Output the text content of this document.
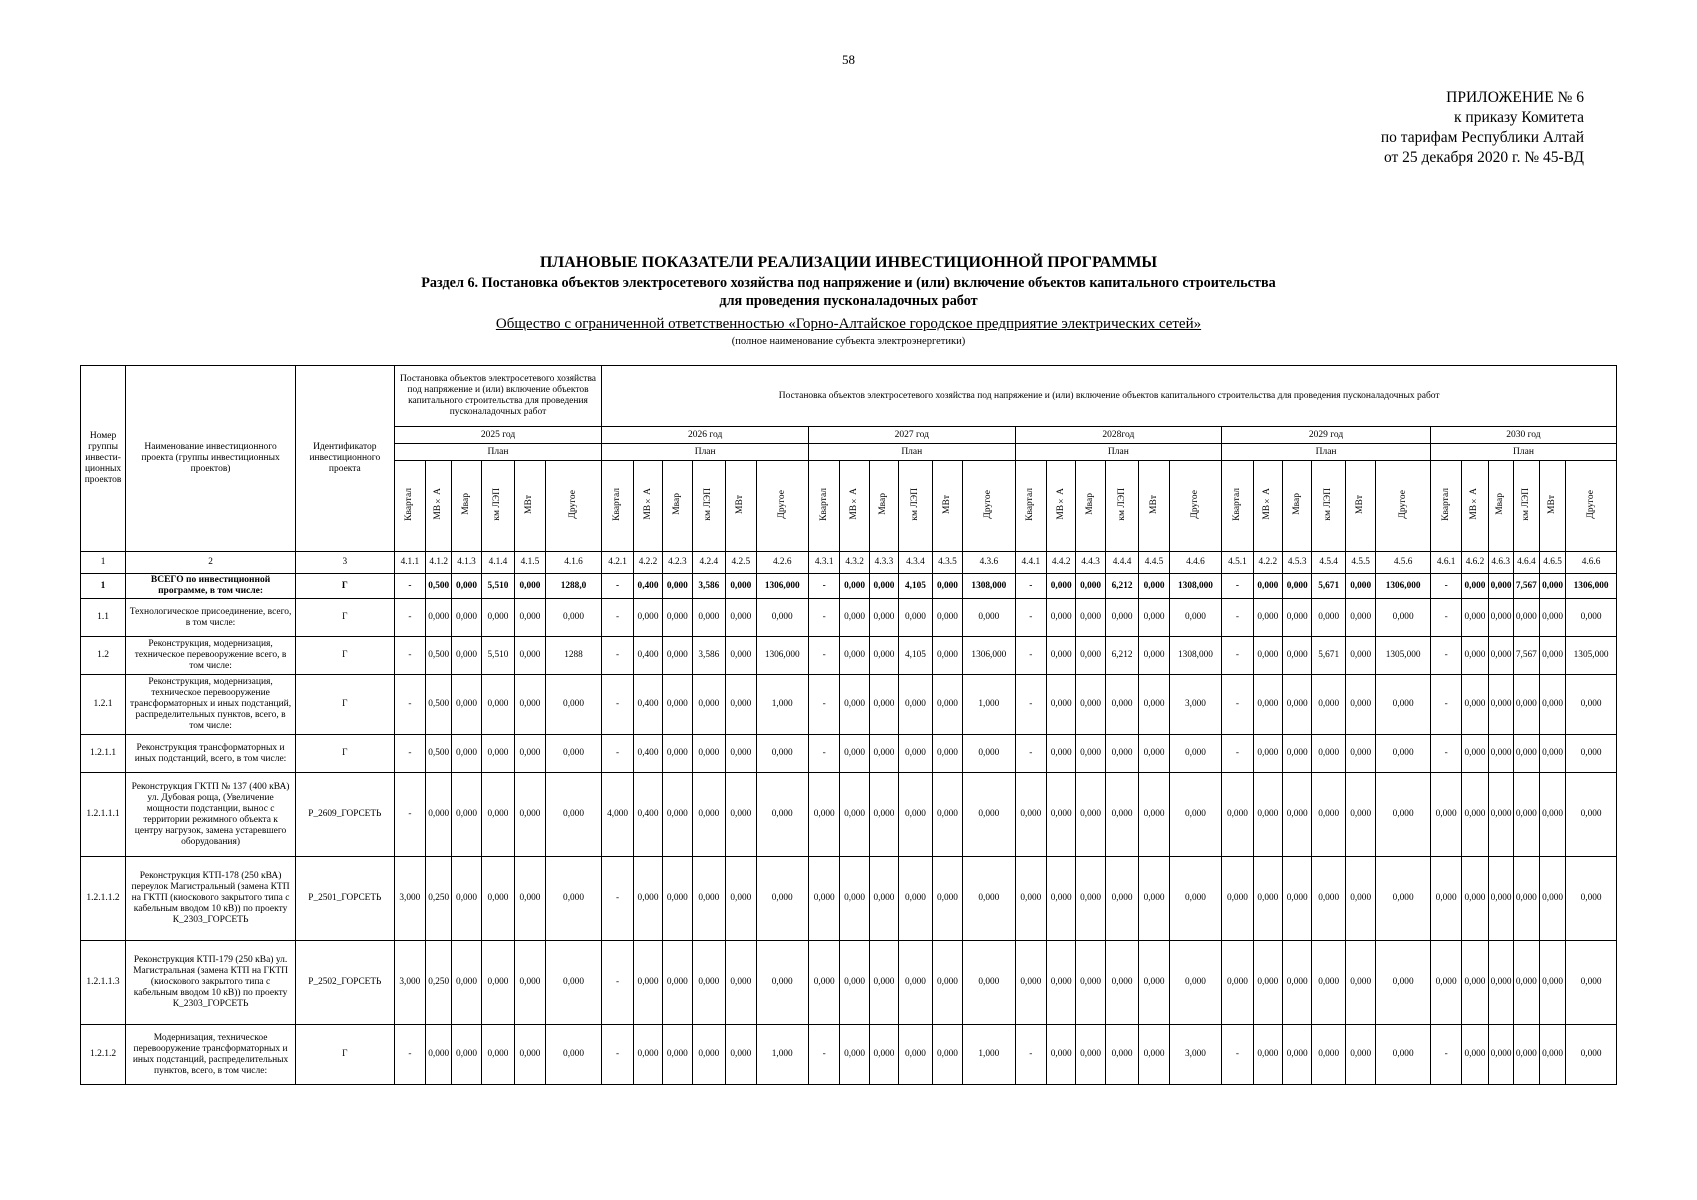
58
ПРИЛОЖЕНИЕ № 6
к приказу Комитета
по тарифам Республики Алтай
от 25 декабря 2020 г. № 45-ВД
ПЛАНОВЫЕ ПОКАЗАТЕЛИ РЕАЛИЗАЦИИ ИНВЕСТИЦИОННОЙ ПРОГРАММЫ
Раздел 6. Постановка объектов электросетевого хозяйства под напряжение и (или) включение объектов капитального строительства
для проведения пусконаладочных работ
Общество с ограниченной ответственностью «Горно-Алтайское городское предприятие электрических сетей»
(полное наименование субъекта электроэнергетики)
Номер группы инвести-ционных проектов	Наименование инвестиционного проекта (группы инвестиционных проектов)	Идентификатор инвестиционного проекта	Постановка объектов электросетевого хозяйства под напряжение и (или) включение объектов капитального строительства для проведения пусконаладочных работ						Постановка объектов электросетевого хозяйства под напряжение и (или) включение объектов капитального строительства для проведения пусконаладочных работ																													
			2025 год						2026 год						2027 год						2028год						2029 год						2030 год					
			План						План						План						План						План						План					
			Квартал	МВ×А	Мвар	км ЛЭП	МВт	Другое	Квартал	МВ×А	Мвар	км ЛЭП	МВт	Другое	Квартал	МВ×А	Мвар	км ЛЭП	МВт	Другое	Квартал	МВ×А	Мвар	км ЛЭП	МВт	Другое	Квартал	МВ×А	Мвар	км ЛЭП	МВт	Другое	Квартал	МВ×А	Мвар	км ЛЭП	МВт	Другое
1	2	3	4.1.1	4.1.2	4.1.3	4.1.4	4.1.5	4.1.6	4.2.1	4.2.2	4.2.3	4.2.4	4.2.5	4.2.6	4.3.1	4.3.2	4.3.3	4.3.4	4.3.5	4.3.6	4.4.1	4.4.2	4.4.3	4.4.4	4.4.5	4.4.6	4.5.1	4.2.2	4.5.3	4.5.4	4.5.5	4.5.6	4.6.1	4.6.2	4.6.3	4.6.4	4.6.5	4.6.6
1	ВСЕГО по инвестиционной программе, в том числе:	Г	-	0,500	0,000	5,510	0,000	1288,0	-	0,400	0,000	3,586	0,000	1306,000	-	0,000	0,000	4,105	0,000	1308,000	-	0,000	0,000	6,212	0,000	1308,000	-	0,000	0,000	5,671	0,000	1306,000	-	0,000	0,000	7,567	0,000	1306,000
1.1	Технологическое присоединение, всего, в том числе:	Г	-	0,000	0,000	0,000	0,000	0,000	-	0,000	0,000	0,000	0,000	0,000	-	0,000	0,000	0,000	0,000	0,000	-	0,000	0,000	0,000	0,000	0,000	-	0,000	0,000	0,000	0,000	0,000	-	0,000	0,000	0,000	0,000	0,000
1.2	Реконструкция, модернизация, техническое перевооружение всего, в том числе:	Г	-	0,500	0,000	5,510	0,000	1288	-	0,400	0,000	3,586	0,000	1306,000	-	0,000	0,000	4,105	0,000	1306,000	-	0,000	0,000	6,212	0,000	1308,000	-	0,000	0,000	5,671	0,000	1305,000	-	0,000	0,000	7,567	0,000	1305,000
1.2.1	Реконструкция, модернизация, техническое перевооружение трансформаторных и иных подстанций, распределительных пунктов, всего, в том числе:	Г	-	0,500	0,000	0,000	0,000	0,000	-	0,400	0,000	0,000	0,000	1,000	-	0,000	0,000	0,000	0,000	1,000	-	0,000	0,000	0,000	0,000	3,000	-	0,000	0,000	0,000	0,000	0,000	-	0,000	0,000	0,000	0,000	0,000
1.2.1.1	Реконструкция трансформаторных и иных подстанций, всего, в том числе:	Г	-	0,500	0,000	0,000	0,000	0,000	-	0,400	0,000	0,000	0,000	0,000	-	0,000	0,000	0,000	0,000	0,000	-	0,000	0,000	0,000	0,000	0,000	-	0,000	0,000	0,000	0,000	0,000	-	0,000	0,000	0,000	0,000	0,000
1.2.1.1.1	Реконструкция ГКТП № 137 (400 кВА) ул. Дубовая роща, (Увеличение мощности подстанции, вынос с территории режимного объекта к центру нагрузок, замена устаревшего оборудования)	P_2609_ГОРСЕТЬ	-	0,000	0,000	0,000	0,000	0,000	4,000	0,400	0,000	0,000	0,000	0,000	0,000	0,000	0,000	0,000	0,000	0,000	0,000	0,000	0,000	0,000	0,000	0,000	0,000	0,000	0,000	0,000	0,000	0,000	0,000	0,000	0,000	0,000	0,000	0,000
1.2.1.1.2	Реконструкция КТП-178 (250 кВА) переулок Магистральный (замена КТП на ГКТП (киоскового закрытого типа с кабельным вводом 10 кВ)) по проекту К_2303_ГОРСЕТЬ	P_2501_ГОРСЕТЬ	3,000	0,250	0,000	0,000	0,000	0,000	-	0,000	0,000	0,000	0,000	0,000	0,000	0,000	0,000	0,000	0,000	0,000	0,000	0,000	0,000	0,000	0,000	0,000	0,000	0,000	0,000	0,000	0,000	0,000	0,000	0,000	0,000	0,000	0,000	0,000
1.2.1.1.3	Реконструкция КТП-179 (250 кВа) ул. Магистральная (замена КТП на ГКТП (киоскового закрытого типа с кабельным вводом 10 кВ)) по проекту К_2303_ГОРСЕТЬ	P_2502_ГОРСЕТЬ	3,000	0,250	0,000	0,000	0,000	0,000	-	0,000	0,000	0,000	0,000	0,000	0,000	0,000	0,000	0,000	0,000	0,000	0,000	0,000	0,000	0,000	0,000	0,000	0,000	0,000	0,000	0,000	0,000	0,000	0,000	0,000	0,000	0,000	0,000	0,000
1.2.1.2	Модернизация, техническое перевооружение трансформаторных и иных подстанций, распределительных пунктов, всего, в том числе:	Г	-	0,000	0,000	0,000	0,000	0,000	-	0,000	0,000	0,000	0,000	1,000	-	0,000	0,000	0,000	0,000	1,000	-	0,000	0,000	0,000	0,000	3,000	-	0,000	0,000	0,000	0,000	0,000	-	0,000	0,000	0,000	0,000	0,000
